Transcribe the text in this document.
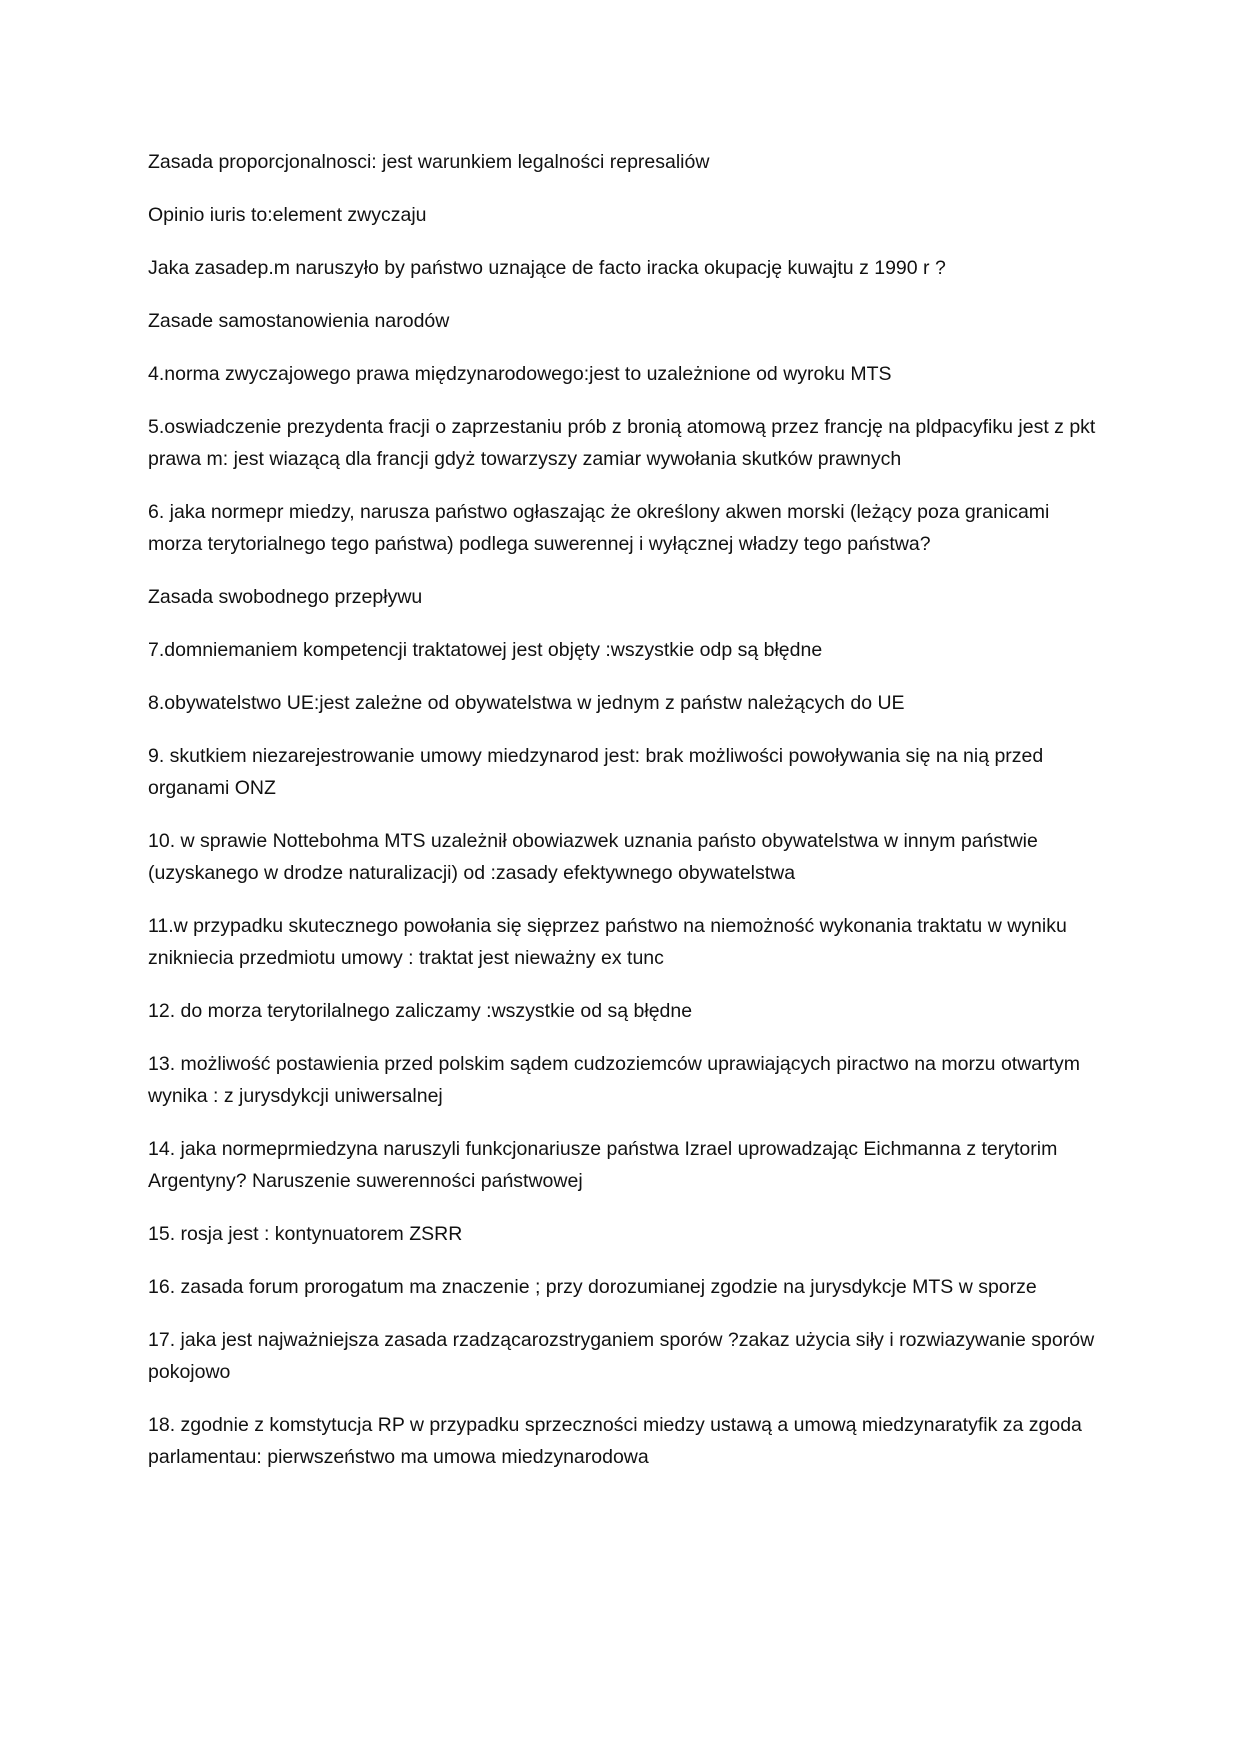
Zasada proporcjonalnosci: jest warunkiem legalności represaliów

Opinio iuris to:element zwyczaju

Jaka zasadep.m naruszyło by państwo uznające de facto iracka okupację kuwajtu z 1990 r ?

Zasade samostanowienia narodów

4.norma zwyczajowego prawa międzynarodowego:jest to uzależnione od wyroku MTS

5.oswiadczenie prezydenta fracji o zaprzestaniu prób z bronią atomową przez francję na pldpacyfiku jest z pkt prawa m: jest wiazącą dla francji gdyż towarzyszy zamiar wywołania skutków prawnych

6. jaka normepr miedzy, narusza państwo ogłaszając że określony akwen morski (leżący poza granicami morza terytorialnego tego państwa) podlega suwerennej i wyłącznej władzy tego państwa?

Zasada swobodnego przepływu

7.domniemaniem kompetencji traktatowej jest objęty :wszystkie odp są błędne

8.obywatelstwo UE:jest zależne od obywatelstwa w jednym z państw należących do UE

9. skutkiem niezarejestrowanie umowy miedzynarod jest: brak możliwości powoływania się na nią przed organami ONZ

10. w sprawie Nottebohma MTS uzależnił obowiazwek uznania państo obywatelstwa w innym państwie (uzyskanego w drodze naturalizacji) od :zasady efektywnego obywatelstwa

11.w przypadku skutecznego powołania się sięprzez państwo na niemożność wykonania traktatu w wyniku znikniecia przedmiotu umowy : traktat jest nieważny ex tunc

12. do morza terytorilalnego zaliczamy :wszystkie od są błędne

13. możliwość postawienia przed polskim sądem cudzoziemców uprawiających piractwo na morzu otwartym wynika : z jurysdykcji uniwersalnej

14. jaka normeprmiedzyna naruszyli funkcjonariusze państwa Izrael uprowadzając Eichmanna z terytorim Argentyny? Naruszenie suwerenności państwowej

15. rosja jest : kontynuatorem ZSRR

16. zasada forum prorogatum ma znaczenie ; przy dorozumianej zgodzie na jurysdykcje MTS w sporze

17. jaka jest najważniejsza zasada rzadzącarozstryganiem sporów ?zakaz użycia siły i rozwiazywanie sporów pokojowo

18. zgodnie z komstytucja RP w przypadku sprzeczności miedzy ustawą a umową miedzynaratyfik za zgoda parlamentau: pierwszeństwo ma umowa miedzynarodowa
